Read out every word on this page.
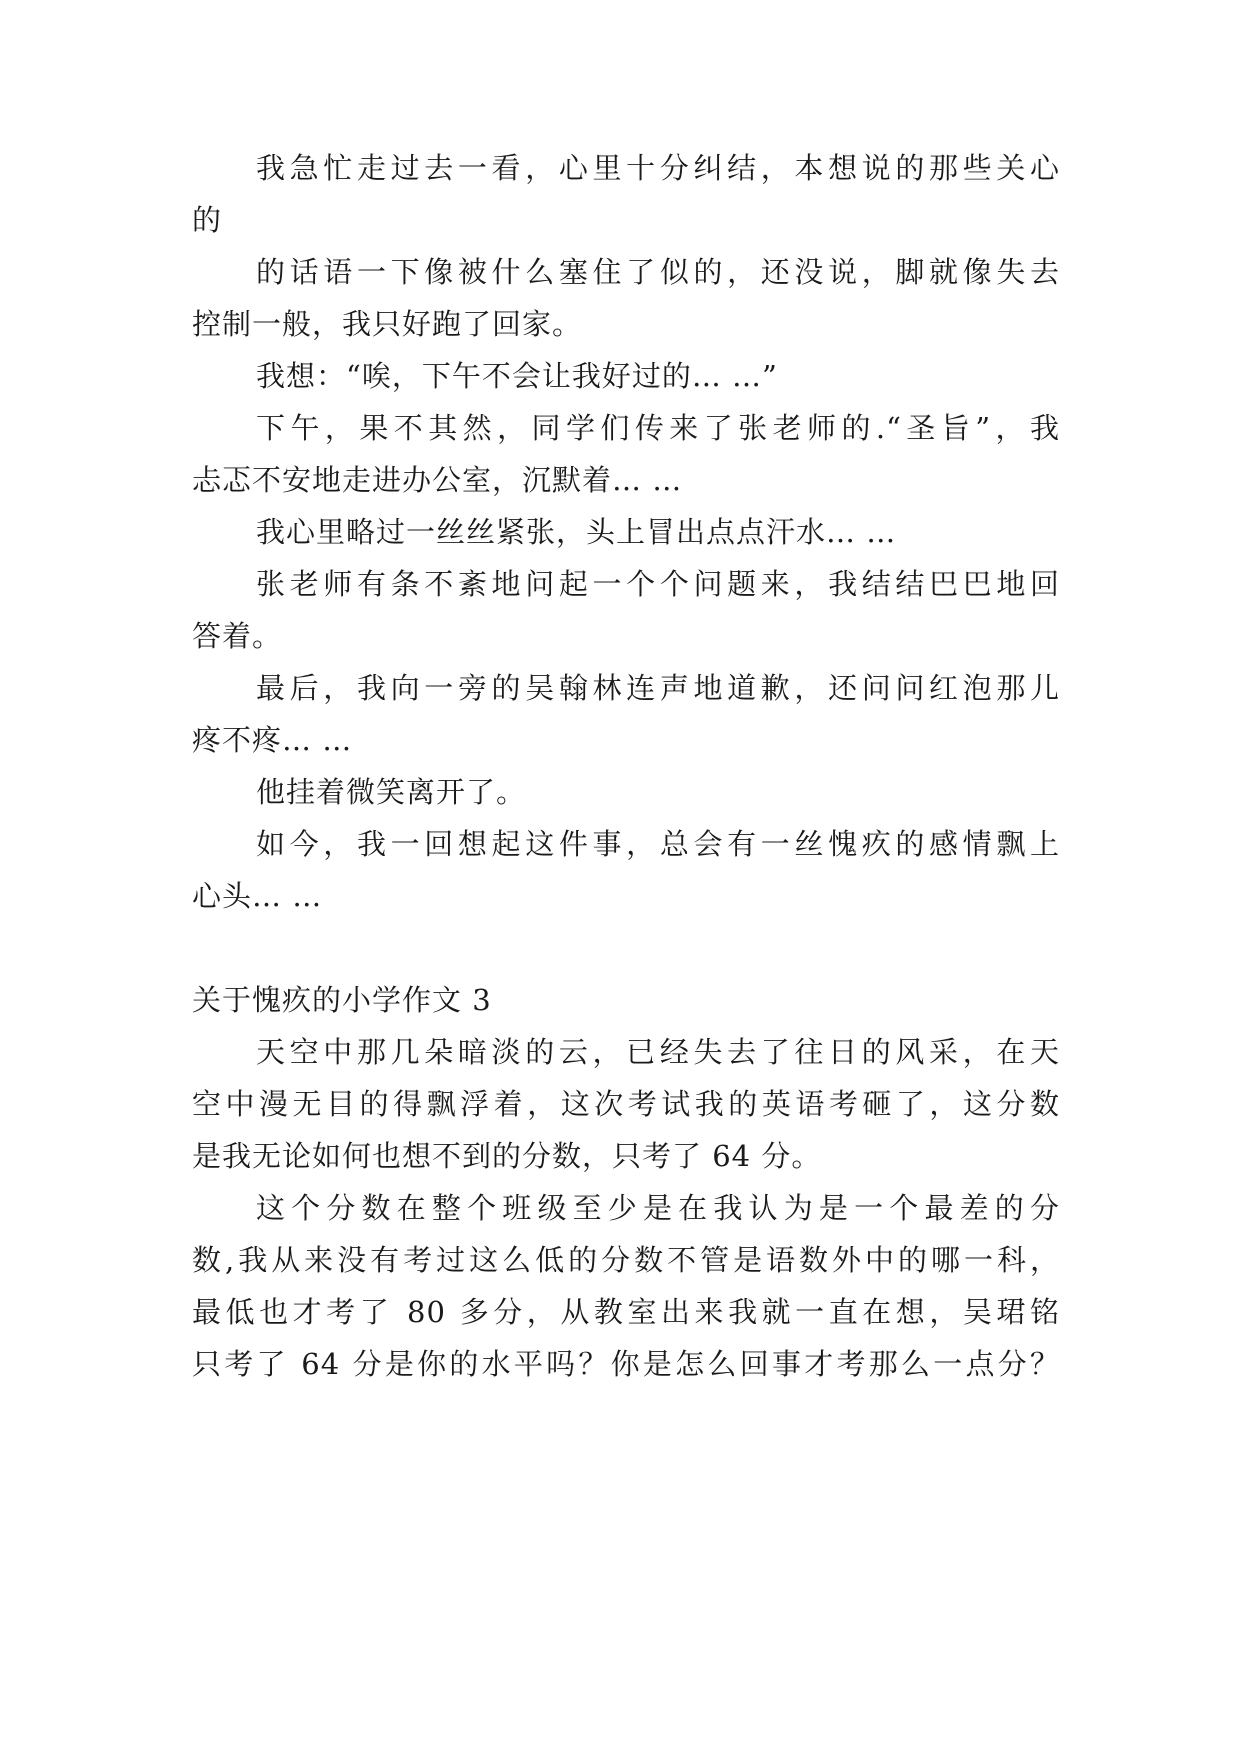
我急忙走过去一看，心里十分纠结，本想说的那些关心
的
的话语一下像被什么塞住了似的，还没说，脚就像失去
控制一般，我只好跑了回家。
我想：“唉，下午不会让我好过的… …”
下午，果不其然，同学们传来了张老师的.“圣旨”，我
忐忑不安地走进办公室，沉默着… …
我心里略过一丝丝紧张，头上冒出点点汗水… …
张老师有条不紊地问起一个个问题来，我结结巴巴地回
答着。
最后，我向一旁的吴翰林连声地道歉，还问问红泡那儿
疼不疼… …
他挂着微笑离开了。
如今，我一回想起这件事，总会有一丝愧疚的感情飘上
心头… …
关于愧疚的小学作文 3
天空中那几朵暗淡的云，已经失去了往日的风采，在天
空中漫无目的得飘浮着，这次考试我的英语考砸了，这分数
是我无论如何也想不到的分数，只考了 64 分。
这个分数在整个班级至少是在我认为是一个最差的分
数,我从来没有考过这么低的分数不管是语数外中的哪一科，
最低也才考了 80 多分，从教室出来我就一直在想，吴珺铭
只考了 64 分是你的水平吗？你是怎么回事才考那么一点分？
